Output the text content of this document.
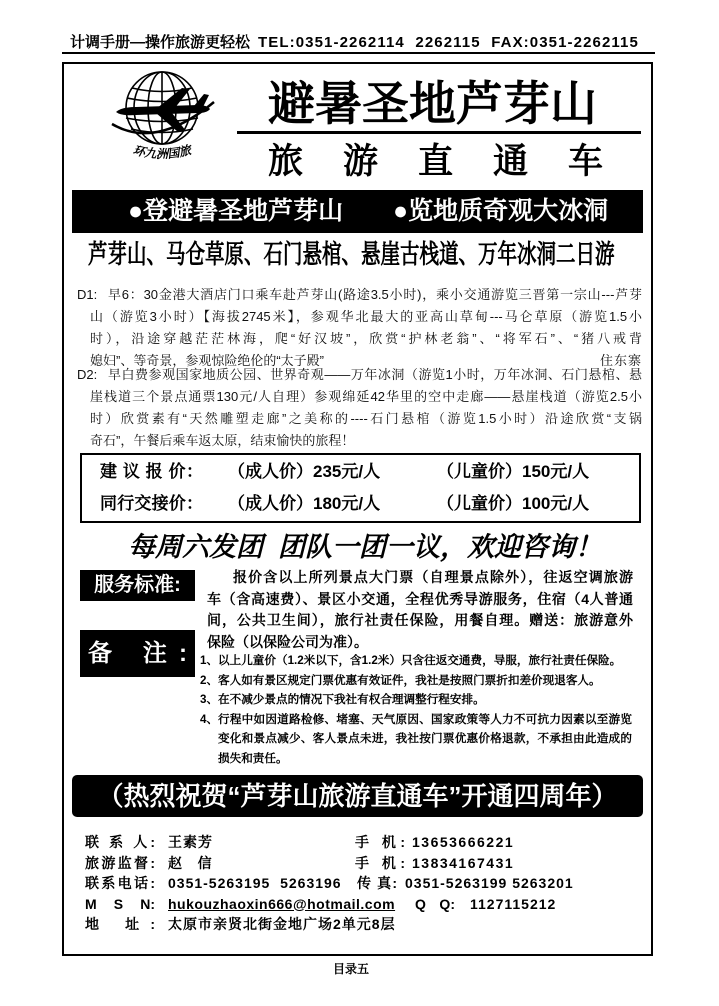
计调手册—操作旅游更轻松 TEL:0351-2262114  2262115  FAX:0351-2262115
环九洲国旅
避暑圣地芦芽山
旅游直通车
●登避暑圣地芦芽山 ●览地质奇观大冰洞
芦芽山、马仓草原、石门悬棺、悬崖古栈道、万年冰洞二日游
D1: 早6：30金港大酒店门口乘车赴芦芽山(路途3.5小时)，乘小交通游览三晋第一宗山---芦芽
山（游览3小时）【海拔2745米】，参观华北最大的亚高山草甸---马仑草原（游览1.5小
时），沿途穿越茫茫林海，爬“好汉坡”，欣赏“护林老翁”、“将军石”、“猪八戒背
媳妇”、等奇景，参观惊险绝伦的“太子殿”	住东寨
D2: 早白费参观国家地质公园、世界奇观——万年冰洞（游览1小时，万年冰洞、石门悬棺、悬
崖栈道三个景点通票130元/人自理）参观绵延42华里的空中走廊——悬崖栈道（游览2.5小
时）欣赏素有“天然雕塑走廊”之美称的----石门悬棺（游览1.5小时）沿途欣赏“支锅
奇石”，午餐后乘车返太原，结束愉快的旅程！
建 议 报 价： （成人价）235元/人	（儿童价）150元/人
同行交接价： （成人价）180元/人	（儿童价）100元/人
每周六发团  团队一团一议，欢迎咨询！
服务标准:	报价含以上所列景点大门票（自理景点除外），往返空调旅游
车（含高速费）、景区小交通，全程优秀导游服务，住宿（4人普通
间，公共卫生间），旅行社责任保险，用餐自理。赠送：旅游意外
保险（以保险公司为准）。
备 注:	1、 以上儿童价（1.2米以下，含1.2米）只含往返交通费，导服，旅行社责任保险。
2、 客人如有景区规定门票优惠有效证件，我社是按照门票折扣差价现退客人。
3、 在不减少景点的情况下我社有权合理调整行程安排。
4、 行程中如因道路检修、堵塞、天气原因、国家政策等人力不可抗力因素以至游览
变化和景点减少、客人景点未进，我社按门票优惠价格退款，不承担由此造成的
损失和责任。
（热烈祝贺“芦芽山旅游直通车”开通四周年）
联 系 人: 王素芳	手 机: 13653666221
旅游监督: 赵   信	手 机: 13834167431
联系电话: 0351-5263195  5263196 传 真: 0351-5263199 5263201
M S N: hukouzhaoxin666@hotmail.com Q Q: 1127115212
地 址: 太原市亲贤北街金地广场2单元8层
目录五
